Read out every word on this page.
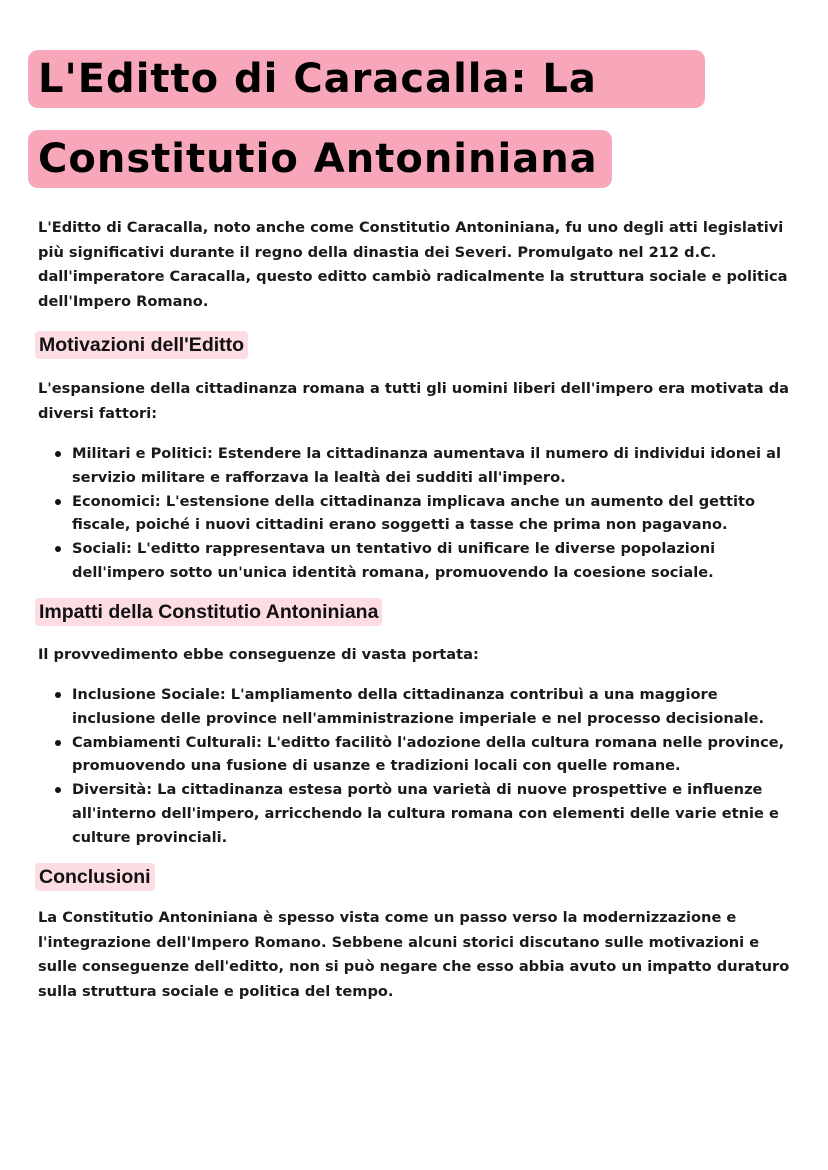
L'Editto di Caracalla: La
Constitutio Antoniniana
L'Editto di Caracalla, noto anche come Constitutio Antoniniana, fu uno degli atti legislativi più significativi durante il regno della dinastia dei Severi. Promulgato nel 212 d.C. dall'imperatore Caracalla, questo editto cambiò radicalmente la struttura sociale e politica dell'Impero Romano.
Motivazioni dell'Editto
L'espansione della cittadinanza romana a tutti gli uomini liberi dell'impero era motivata da diversi fattori:
Militari e Politici: Estendere la cittadinanza aumentava il numero di individui idonei al servizio militare e rafforzava la lealtà dei sudditi all'impero.
Economici: L'estensione della cittadinanza implicava anche un aumento del gettito fiscale, poiché i nuovi cittadini erano soggetti a tasse che prima non pagavano.
Sociali: L'editto rappresentava un tentativo di unificare le diverse popolazioni dell'impero sotto un'unica identità romana, promuovendo la coesione sociale.
Impatti della Constitutio Antoniniana
Il provvedimento ebbe conseguenze di vasta portata:
Inclusione Sociale: L'ampliamento della cittadinanza contribuì a una maggiore inclusione delle province nell'amministrazione imperiale e nel processo decisionale.
Cambiamenti Culturali: L'editto facilitò l'adozione della cultura romana nelle province, promuovendo una fusione di usanze e tradizioni locali con quelle romane.
Diversità: La cittadinanza estesa portò una varietà di nuove prospettive e influenze all'interno dell'impero, arricchendo la cultura romana con elementi delle varie etnie e culture provinciali.
Conclusioni
La Constitutio Antoniniana è spesso vista come un passo verso la modernizzazione e l'integrazione dell'Impero Romano. Sebbene alcuni storici discutano sulle motivazioni e sulle conseguenze dell'editto, non si può negare che esso abbia avuto un impatto duraturo sulla struttura sociale e politica del tempo.
